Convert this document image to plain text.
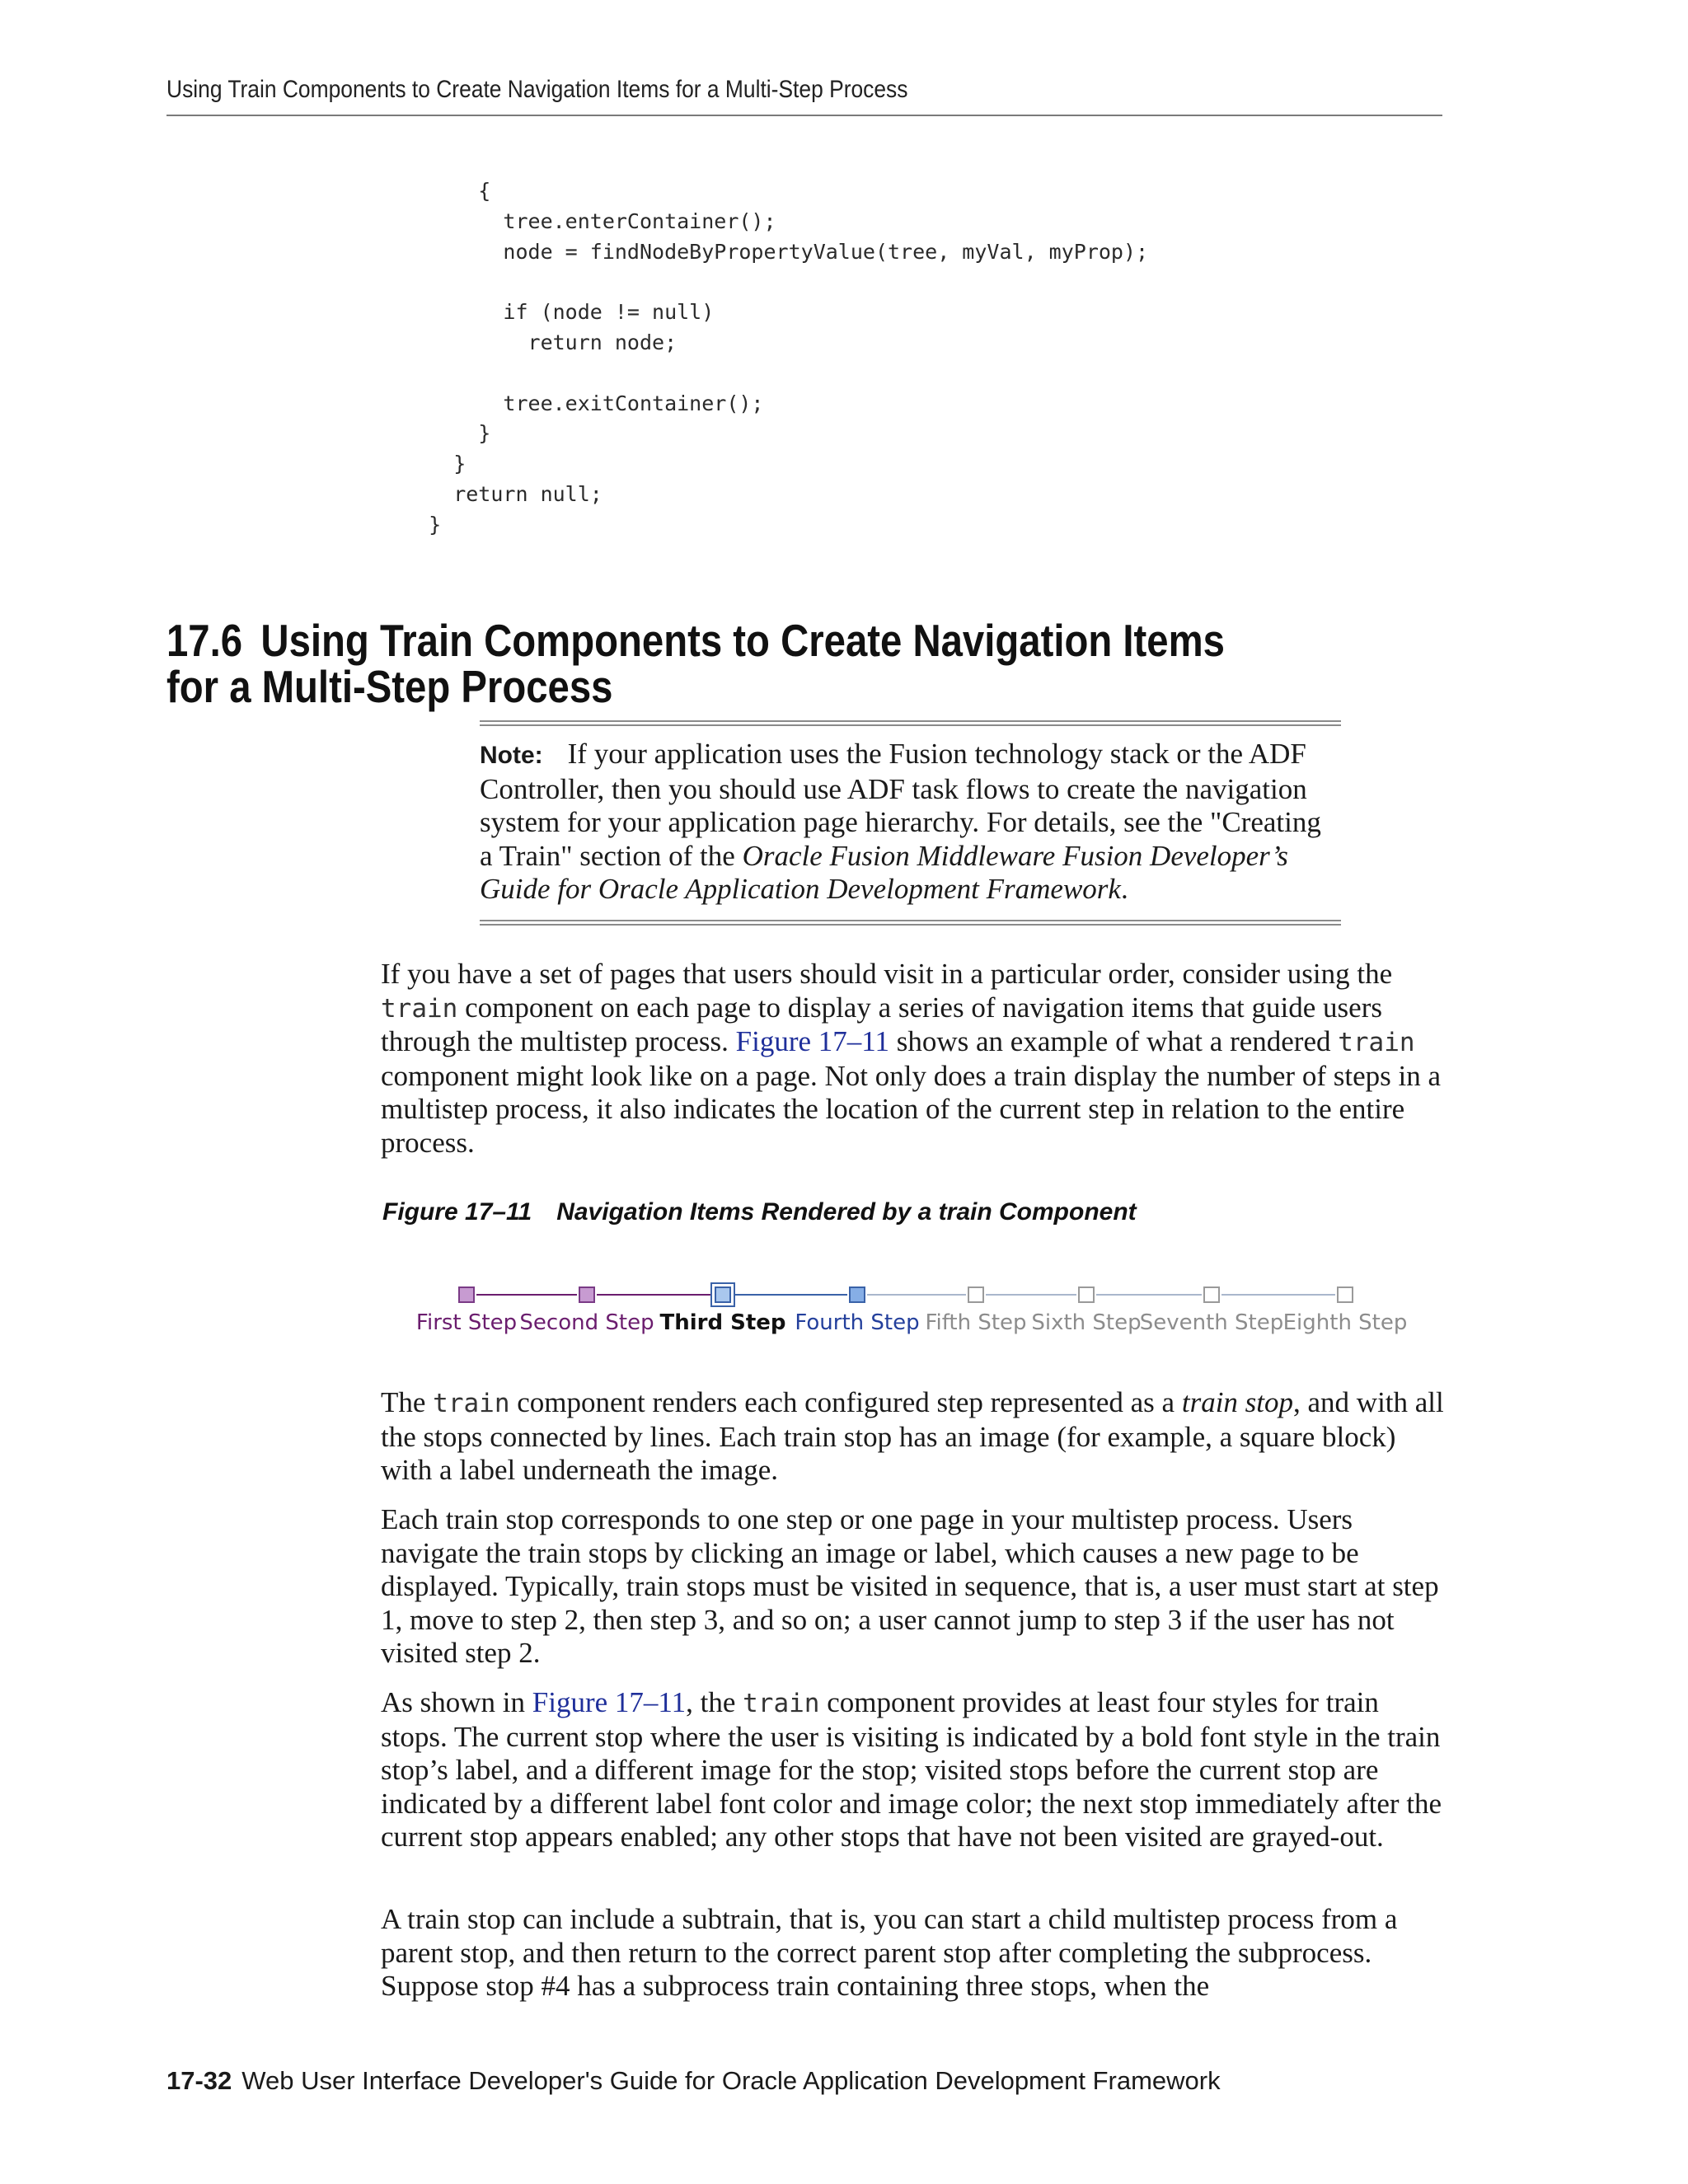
Using Train Components to Create Navigation Items for a Multi-Step Process
{
tree.enterContainer();
node = findNodeByPropertyValue(tree, myVal, myProp);
if (node != null)
return node;
tree.exitContainer();
}
}
return null;
}
17.6 Using Train Components to Create Navigation Items for a Multi-Step Process
Note: If your application uses the Fusion technology stack or the ADF Controller, then you should use ADF task flows to create the navigation system for your application page hierarchy. For details, see the "Creating a Train" section of the Oracle Fusion Middleware Fusion Developer’s Guide for Oracle Application Development Framework.

If you have a set of pages that users should visit in a particular order, consider using the train component on each page to display a series of navigation items that guide users through the multistep process. Figure 17–11 shows an example of what a rendered train component might look like on a page. Not only does a train display the number of steps in a multistep process, it also indicates the location of the current step in relation to the entire process.

Figure 17–11 Navigation Items Rendered by a train Component
First Step Second Step Third Step Fourth Step Fifth Step Sixth Step
Seventh Step Eighth Step

The train component renders each configured step represented as a train stop, and with all the stops connected by lines. Each train stop has an image (for example, a square block) with a label underneath the image.

Each train stop corresponds to one step or one page in your multistep process. Users navigate the train stops by clicking an image or label, which causes a new page to be displayed. Typically, train stops must be visited in sequence, that is, a user must start at step 1, move to step 2, then step 3, and so on; a user cannot jump to step 3 if the user has not visited step 2.

As shown in Figure 17–11, the train component provides at least four styles for train stops. The current stop where the user is visiting is indicated by a bold font style in the train stop’s label, and a different image for the stop; visited stops before the current stop are indicated by a different label font color and image color; the next stop immediately after the current stop appears enabled; any other stops that have not been visited are grayed-out.

A train stop can include a subtrain, that is, you can start a child multistep process from a parent stop, and then return to the correct parent stop after completing the subprocess. Suppose stop #4 has a subprocess train containing three stops, when the

17-32 Web User Interface Developer's Guide for Oracle Application Development Framework
